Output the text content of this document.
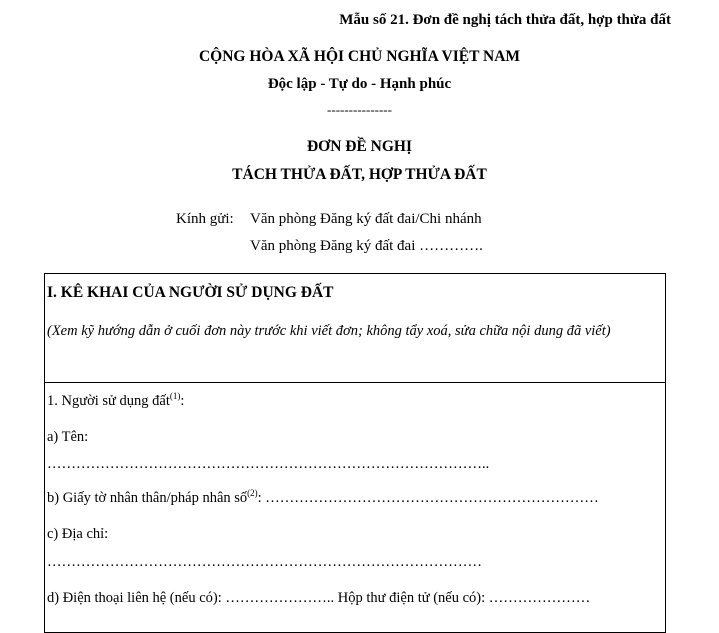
Mẫu số 21. Đơn đề nghị tách thửa đất, hợp thửa đất
CỘNG HÒA XÃ HỘI CHỦ NGHĨA VIỆT NAM
Độc lập - Tự do - Hạnh phúc
---------------
ĐƠN ĐỀ NGHỊ
TÁCH THỬA ĐẤT, HỢP THỬA ĐẤT
Kính gửi: Văn phòng Đăng ký đất đai/Chi nhánh
Văn phòng Đăng ký đất đai ………….
I. KÊ KHAI CỦA NGƯỜI SỬ DỤNG ĐẤT
(Xem kỹ hướng dẫn ở cuối đơn này trước khi viết đơn; không tẩy xoá, sửa chữa nội dung đã viết)
1. Người sử dụng đất$^{(1)}$:
a) Tên:
………………………………………………………………………………..
b) Giấy tờ nhân thân/pháp nhân số$^{(2)}$: ……………………………………………………………
c) Địa chỉ:
………………………………………………………………………………
d) Điện thoại liên hệ (nếu có): ………………….. Hộp thư điện tử (nếu có): …………………
